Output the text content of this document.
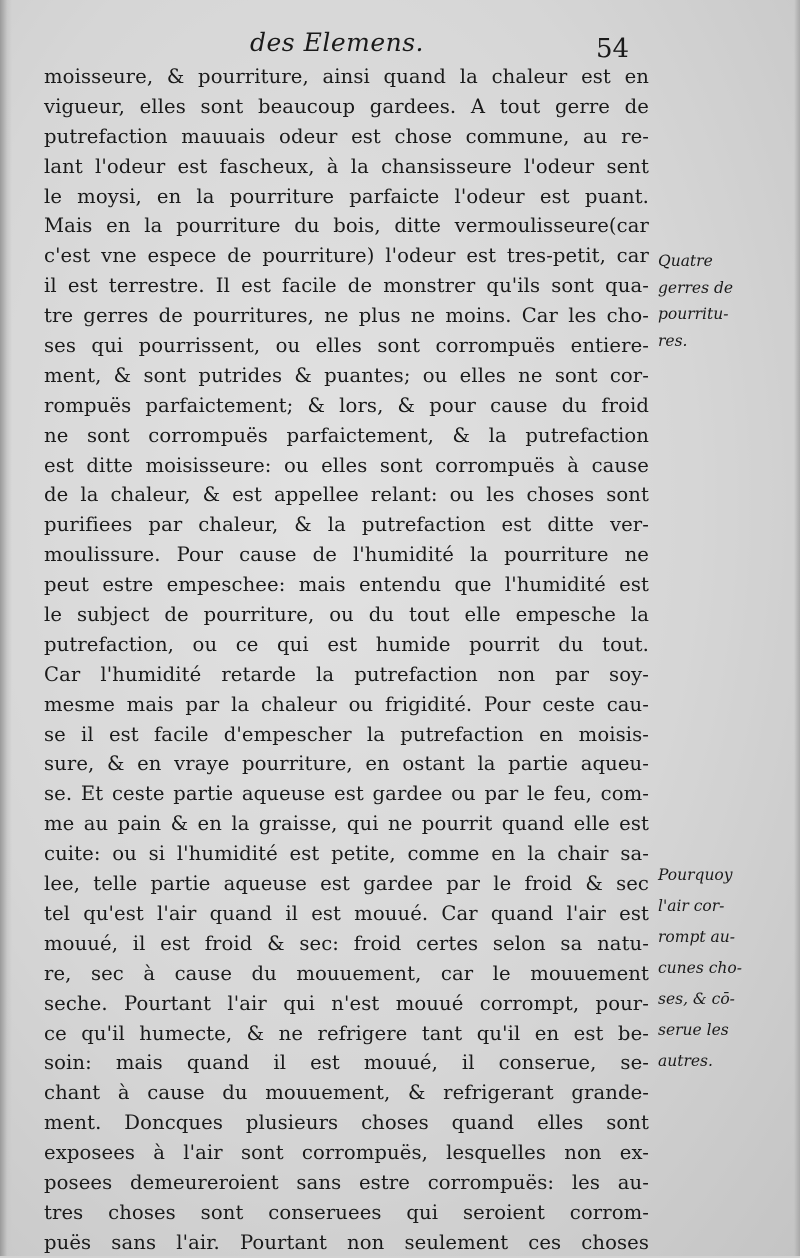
des Elemens.	54
moisseure, & pourriture, ainsi quand la chaleur est en
vigueur, elles sont beaucoup gardees. A tout gerre de
putrefaction mauuais odeur est chose commune, au re-
lant l'odeur est fascheux, à la chansisseure l'odeur sent
le moysi, en la pourriture parfaicte l'odeur est puant.
Mais en la pourriture du bois, ditte vermoulisseure(car
c'est vne espece de pourriture) l'odeur est tres-petit, car
il est terrestre. Il est facile de monstrer qu'ils sont qua-
tre gerres de pourritures, ne plus ne moins. Car les cho-
ses qui pourrissent, ou elles sont corrompuës entiere-
ment, & sont putrides & puantes; ou elles ne sont cor-
rompuës parfaictement; & lors, & pour cause du froid
ne sont corrompuës parfaictement, & la putrefaction
est ditte moisisseure: ou elles sont corrompuës à cause
de la chaleur, & est appellee relant: ou les choses sont
purifiees par chaleur, & la putrefaction est ditte ver-
moulissure. Pour cause de l'humidité la pourriture ne
peut estre empeschee: mais entendu que l'humidité est
le subject de pourriture, ou du tout elle empesche la
putrefaction, ou ce qui est humide pourrit du tout.
Car l'humidité retarde la putrefaction non par soy-
mesme mais par la chaleur ou frigidité. Pour ceste cau-
se il est facile d'empescher la putrefaction en moisis-
sure, & en vraye pourriture, en ostant la partie aqueu-
se. Et ceste partie aqueuse est gardee ou par le feu, com-
me au pain & en la graisse, qui ne pourrit quand elle est
cuite: ou si l'humidité est petite, comme en la chair sa-
lee, telle partie aqueuse est gardee par le froid & sec
tel qu'est l'air quand il est mouué. Car quand l'air est
mouué, il est froid & sec: froid certes selon sa natu-
re, sec à cause du mouuement, car le mouuement
seche. Pourtant l'air qui n'est mouué corrompt, pour-
ce qu'il humecte, & ne refrigere tant qu'il en est be-
soin: mais quand il est mouué, il conserue, se-
chant à cause du mouuement, & refrigerant grande-
ment. Doncques plusieurs choses quand elles sont
exposees à l'air sont corrompuës, lesquelles non ex-
posees demeureroient sans estre corrompuës: les au-
tres choses sont conseruees qui seroient corrom-
puës sans l'air. Pourtant non seulement ces choses
Quatre
gerres de
pourritu-
res.
Pourquoy
l'air cor-
rompt au-
cunes cho-
ses, & cō-
serue les
autres.
